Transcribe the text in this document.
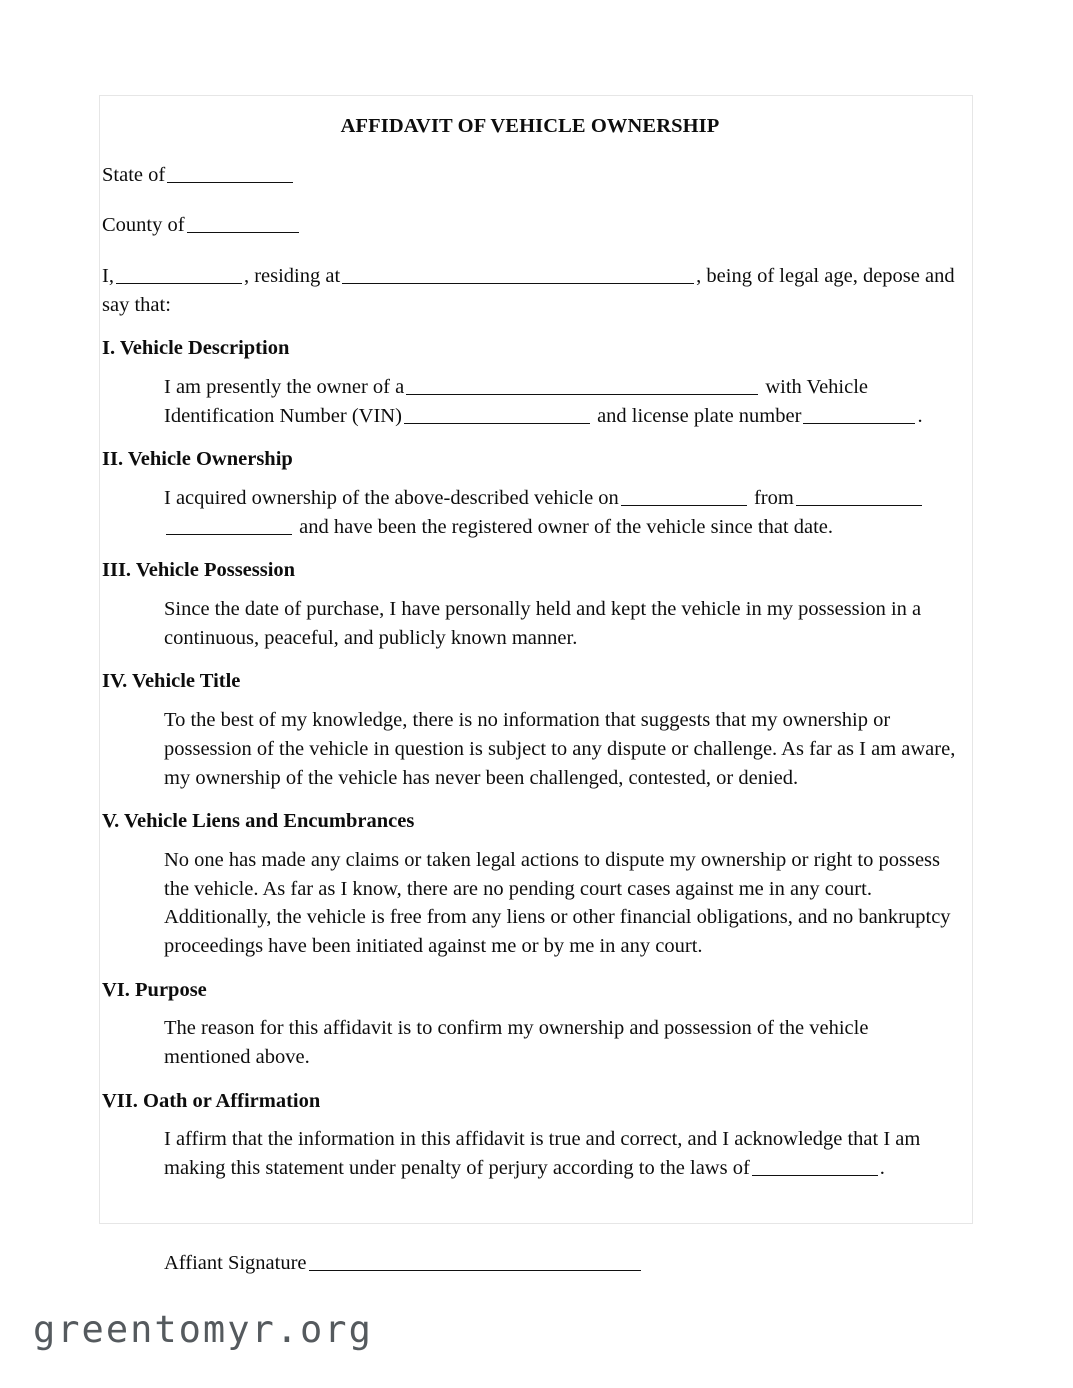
AFFIDAVIT OF VEHICLE OWNERSHIP
State of
County of
I,	, residing at	, being of legal age, depose and say that:
I. Vehicle Description
I am presently the owner of a	with Vehicle Identification Number (VIN)	and license plate number	.
II. Vehicle Ownership
I acquired ownership of the above-described vehicle on	from and have been the registered owner of the vehicle since that date.
III. Vehicle Possession
Since the date of purchase, I have personally held and kept the vehicle in my possession in a continuous, peaceful, and publicly known manner.
IV. Vehicle Title
To the best of my knowledge, there is no information that suggests that my ownership or possession of the vehicle in question is subject to any dispute or challenge. As far as I am aware, my ownership of the vehicle has never been challenged, contested, or denied.
V. Vehicle Liens and Encumbrances
No one has made any claims or taken legal actions to dispute my ownership or right to possess the vehicle. As far as I know, there are no pending court cases against me in any court. Additionally, the vehicle is free from any liens or other financial obligations, and no bankruptcy proceedings have been initiated against me or by me in any court.
VI. Purpose
The reason for this affidavit is to confirm my ownership and possession of the vehicle mentioned above.
VII. Oath or Affirmation
I affirm that the information in this affidavit is true and correct, and I acknowledge that I am making this statement under penalty of perjury according to the laws of	.
Affiant Signature
greentomyr.org
